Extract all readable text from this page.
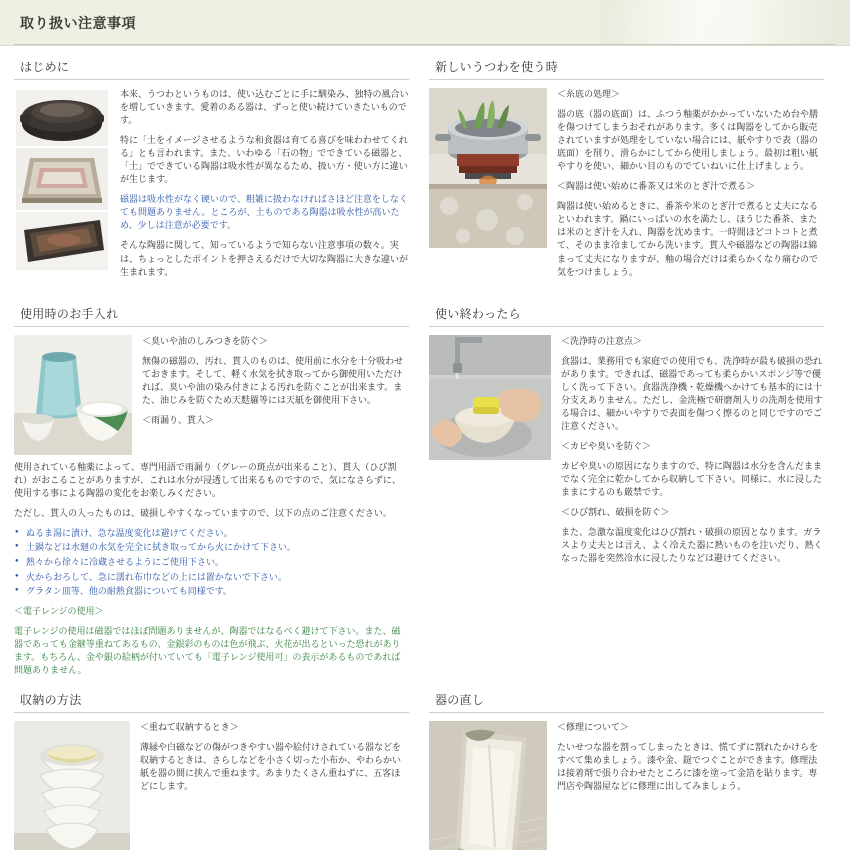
取り扱い注意事項
はじめに

本来、うつわというものは、使い込むごとに手に馴染み、独特の風合いを増していきます。愛着のある器は、ずっと使い続けていきたいものです。

特に「土をイメージさせるような和食器は育てる喜びを味わわせてくれる」とも言われます。また、いわゆる「石の物」でできている磁器と、「土」でできている陶器は吸水性が異なるため、扱い方・使い方に違いが生じます。

磁器は吸水性がなく硬いので、粗雑に扱わなければさほど注意をしなくても問題ありません。ところが、土ものである陶器は吸水性が高いため、少しは注意が必要です。

そんな陶器に関して、知っているようで知らない注意事項の数々。実は、ちょっとしたポイントを押さえるだけで大切な陶器に大きな違いが生まれます。

新しいうつわを使う時

＜糸底の処理＞

器の底（器の底面）は、ふつう釉薬がかかっていないため台や膳を傷つけてしまうおそれがあります。多くは陶器をしてから販売されていますが処理をしていない場合には、紙やすりで表（器の底面）を削り、滑らかにしてから使用しましょう。最初は粗い紙やすりを使い、細かい目のものでていねいに仕上げましょう。

＜陶器は使い始めに番茶又は米のとぎ汁で煮る＞

陶器は使い始めるときに、番茶や米のとぎ汁で煮ると丈夫になるといわれます。鍋にいっぱいの水を満たし、ほうじた番茶、または米のとぎ汁を入れ、陶器を沈めます。一時間ほどコトコトと煮て、そのまま冷ましてから洗います。貫入や磁器などの陶器は綿まって丈夫になりますが、釉の場合だけは柔らかくなり痛むので気をつけましょう。

使用時のお手入れ

＜臭いや油のしみつきを防ぐ＞

無傷の磁器の、汚れ、貫入のものは、使用前に水分を十分吸わせておきます。そして、軽く水気を拭き取ってから御使用いただければ、臭いや油の染み付きによる汚れを防ぐことが出来ます。また、油じみを防ぐため天麩羅等には天紙を御使用下さい。

＜雨漏り、貫入＞

使用されている釉薬によって、専門用語で雨漏り（グレーの斑点が出来ること）、貫入（ひび割れ）がおこることがありますが、これは水分が浸透して出来るものですので、気になさらずに、使用する事による陶器の変化をお楽しみください。

ただし、貫入の入ったものは、破損しやすくなっていますので、以下の点のご注意ください。

● ぬるま湯に漬け、急な温度変化は避けてください。
● 土鍋などは水廻の水気を完全に拭き取ってから火にかけて下さい。
● 熱々から徐々に冷蔵させるようにご使用下さい。
● 火からおろして、急に濡れ布巾などの上には置かないで下さい。
● グラタン皿等、他の耐熱食器についても同様です。

＜電子レンジの使用＞

電子レンジの使用は磁器ではほぼ問題ありませんが、陶器ではなるべく避けて下さい。また、磁器であっても金継等重ねてあるもの、金銀彩のものは色が飛ぶ、火花が出るといった恐れがあります。もちろん、金や銀の絵柄が付いていても「電子レンジ使用可」の表示があるものであれば問題ありません。

使い終わったら

＜洗浄時の注意点＞

食器は、業務用でも家庭での使用でも、洗浄時が最も破損の恐れがあります。できれば、磁器であっても柔らかいスポンジ等で優しく洗って下さい。食器洗浄機・乾燥機へかけても基本的には十分支えありません。ただし、金洗極で研磨剤入りの洗剤を使用する場合は、細かいやすりで表面を傷つく擦るのと同じですのでご注意ください。

＜カビや臭いを防ぐ＞

カビや臭いの原因になりますので、特に陶器は水分を含んだままでなく完全に乾かしてから収納して下さい。同様に、水に浸したままにするのも厳禁です。

＜ひび割れ、破損を防ぐ＞

また、急激な温度変化はひび割れ・破損の原因となります。ガラスより丈夫とは言え、よく冷えた器に熱いものを注いだり、熱くなった器を突然冷水に浸したりなどは避けてください。

収納の方法

＜重ねて収納するとき＞

薄縁や白磁などの傷がつきやすい器や絵付けされている器などを収納するときは、さらしなどを小さく切った小布か、やわらかい紙を器の間に挟んで重ねます。あまりたくさん重ねずに、五客ほどにします。

器の直し

＜修理について＞

たいせつな器を割ってしまったときは、慌てずに割れたかけらをすべて集めましょう。漆や金、鎹でつぐことができます。修理法は接着剤で張り合わせたところに漆を塗って金箔を貼ります。専門店や陶器屋などに修理に出してみましょう。
